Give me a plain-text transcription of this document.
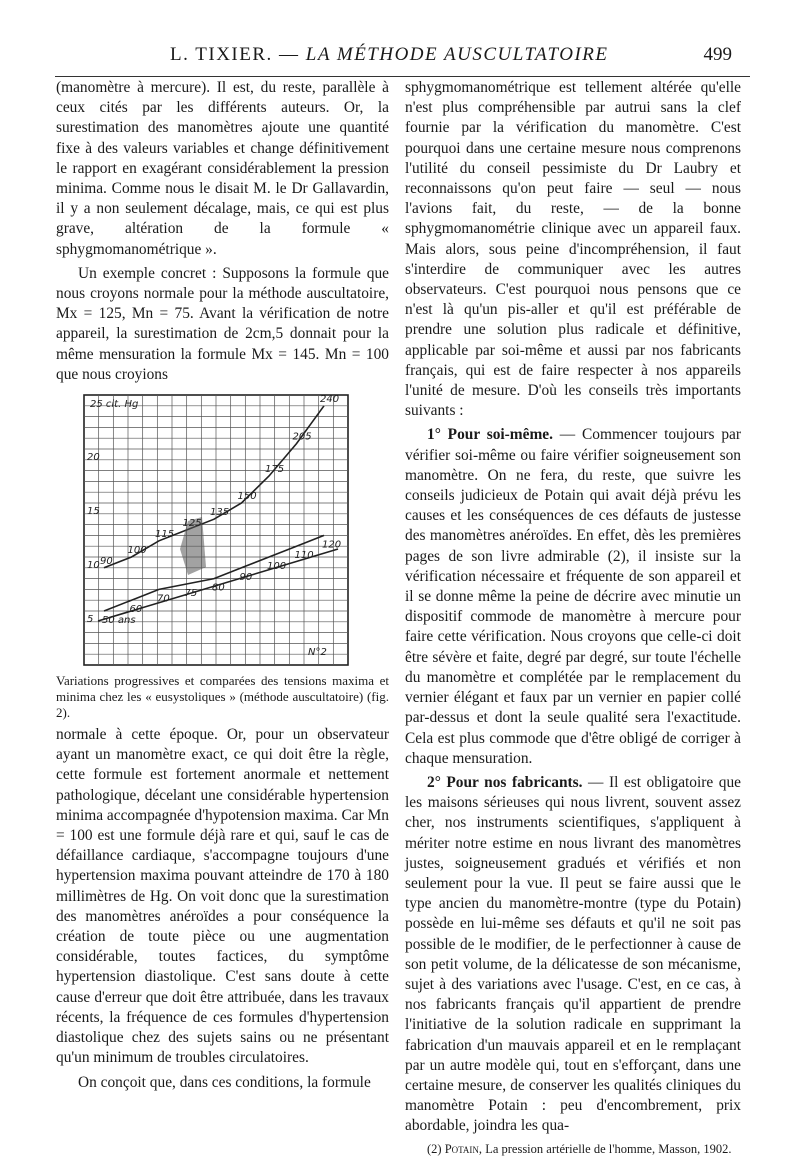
L. TIXIER. — LA MÉTHODE AUSCULTATOIRE	499

(manomètre à mercure). Il est, du reste, parallèle à ceux cités par les différents auteurs. Or, la surestimation des manomètres ajoute une quantité fixe à des valeurs variables et change définitivement le rapport en exagérant considérablement la pression minima. Comme nous le disait M. le Dr Gallavardin, il y a non seulement décalage, mais, ce qui est plus grave, altération de la formule « sphygmomanométrique ».

Un exemple concret : Supposons la formule que nous croyons normale pour la méthode auscultatoire, Mx = 125, Mn = 75. Avant la vérification de notre appareil, la surestimation de 2cm,5 donnait pour la même mensuration la formule Mx = 145. Mn = 100 que nous croyions

25 cit. Hg
N°2
20
15
10
5
90
100
115
125
135
150
175
205
240
50 ans
60
70 75 80
90
100
110
120

Variations progressives et comparées des tensions maxima et minima chez les « eusystoliques » (méthode auscultatoire) (fig. 2).

normale à cette époque. Or, pour un observateur ayant un manomètre exact, ce qui doit être la règle, cette formule est fortement anormale et nettement pathologique, décelant une considérable hypertension minima accompagnée d'hypotension maxima. Car Mn = 100 est une formule déjà rare et qui, sauf le cas de défaillance cardiaque, s'accompagne toujours d'une hypertension maxima pouvant atteindre de 170 à 180 millimètres de Hg. On voit donc que la surestimation des manomètres anéroïdes a pour conséquence la création de toute pièce ou une augmentation considérable, toutes factices, du symptôme hypertension diastolique. C'est sans doute à cette cause d'erreur que doit être attribuée, dans les travaux récents, la fréquence de ces formules d'hypertension diastolique chez des sujets sains ou ne présentant qu'un minimum de troubles circulatoires.

On conçoit que, dans ces conditions, la formule

sphygmomanométrique est tellement altérée qu'elle n'est plus compréhensible par autrui sans la clef fournie par la vérification du manomètre. C'est pourquoi dans une certaine mesure nous comprenons l'utilité du conseil pessimiste du Dr Laubry et reconnaissons qu'on peut faire — seul — nous l'avions fait, du reste, — de la bonne sphygmomanométrie clinique avec un appareil faux. Mais alors, sous peine d'incompréhension, il faut s'interdire de communiquer avec les autres observateurs. C'est pourquoi nous pensons que ce n'est là qu'un pis-aller et qu'il est préférable de prendre une solution plus radicale et définitive, applicable par soi-même et aussi par nos fabricants français, qui est de faire respecter à nos appareils l'unité de mesure. D'où les conseils très importants suivants :

1° Pour soi-même. — Commencer toujours par vérifier soi-même ou faire vérifier soigneusement son manomètre. On ne fera, du reste, que suivre les conseils judicieux de Potain qui avait déjà prévu les causes et les conséquences de ces défauts de justesse des manomètres anéroïdes. En effet, dès les premières pages de son livre admirable (2), il insiste sur la vérification nécessaire et fréquente de son appareil et il se donne même la peine de décrire avec minutie un dispositif commode de manomètre à mercure pour faire cette vérification. Nous croyons que celle-ci doit être sévère et faite, degré par degré, sur toute l'échelle du manomètre et complétée par le remplacement du vernier élégant et faux par un vernier en papier collé par-dessus et dont la seule qualité sera l'exactitude. Cela est plus commode que d'être obligé de corriger à chaque mensuration.

2° Pour nos fabricants. — Il est obligatoire que les maisons sérieuses qui nous livrent, souvent assez cher, nos instruments scientifiques, s'appliquent à mériter notre estime en nous livrant des manomètres justes, soigneusement gradués et vérifiés et non seulement pour la vue. Il peut se faire aussi que le type ancien du manomètre-montre (type du Potain) possède en lui-même ses défauts et qu'il ne soit pas possible de le modifier, de le perfectionner à cause de son petit volume, de la délicatesse de son mécanisme, sujet à des variations avec l'usage. C'est, en ce cas, à nos fabricants français qu'il appartient de prendre l'initiative de la solution radicale en supprimant la fabrication d'un mauvais appareil et en le remplaçant par un autre modèle qui, tout en s'efforçant, dans une certaine mesure, de conserver les qualités cliniques du manomètre Potain : peu d'encombrement, prix abordable, joindra les qua-

(2) Potain, La pression artérielle de l'homme, Masson, 1902.
